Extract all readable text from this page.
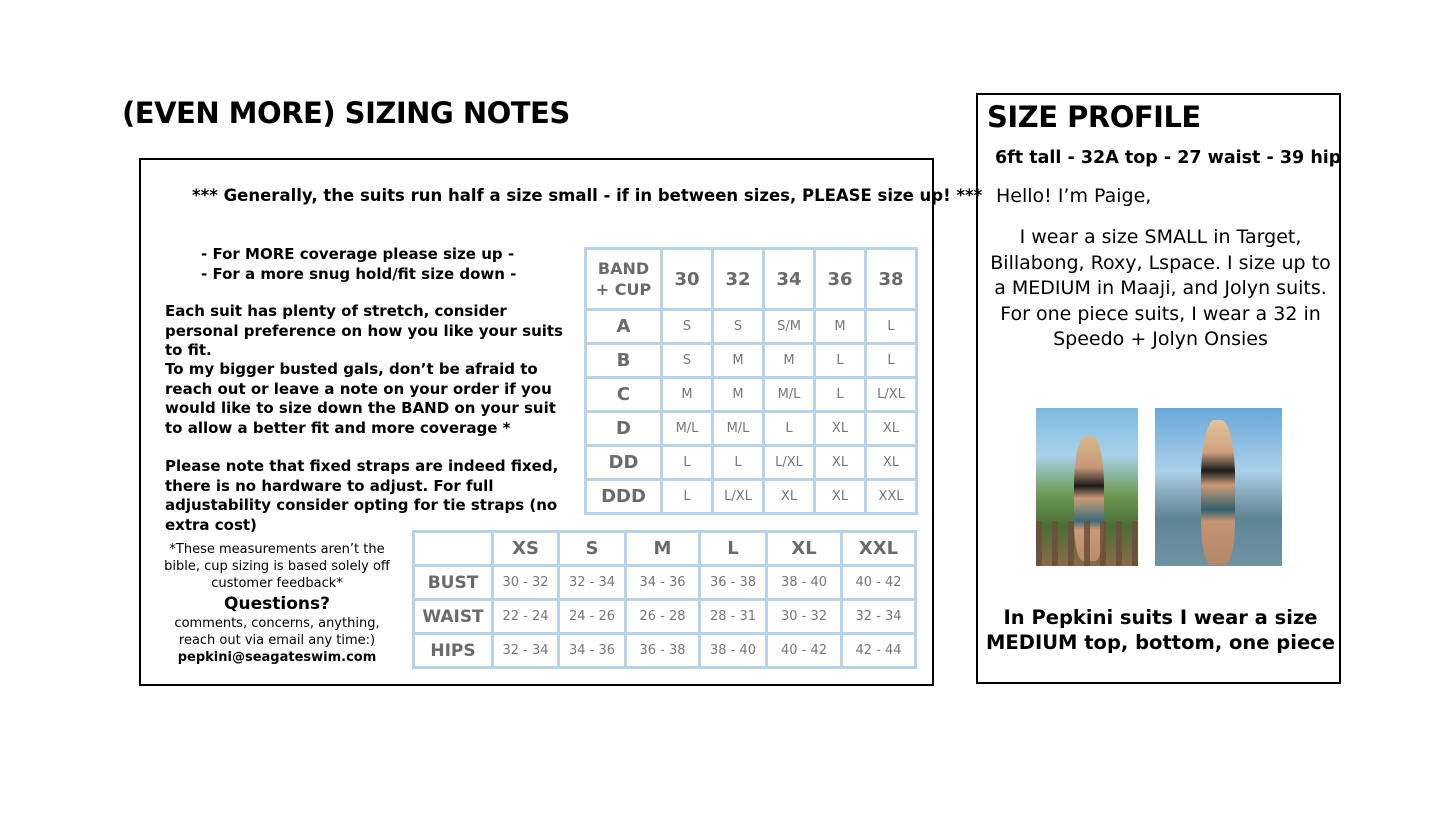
(EVEN MORE) SIZING NOTES
*** Generally, the suits run half a size small - if in between sizes, PLEASE size up! ***
- For MORE coverage please size up -
- For a more snug hold/fit size down -
Each suit has plenty of stretch, consider personal preference on how you like your suits to fit.
To my bigger busted gals, don’t be afraid to reach out or leave a note on your order if you would like to size down the BAND on your suit to allow a better fit and more coverage *
Please note that fixed straps are indeed fixed, there is no hardware to adjust. For full adjustability consider opting for tie straps (no extra cost)
BAND
+ CUP	30	32	34	36	38
A	S	S	S/M	M	L
B	S	M	M	L	L
C	M	M	M/L	L	L/XL
D	M/L	M/L	L	XL	XL
DD	L	L	L/XL	XL	XL
DDD	L	L/XL	XL	XL	XXL
*These measurements aren’t the bible, cup sizing is based solely off customer feedback*
Questions?
comments, concerns, anything, reach out via email any time:)
pepkini@seagateswim.com
	XS	S	M	L	XL	XXL
BUST	30 - 32	32 - 34	34 - 36	36 - 38	38 - 40	40 - 42
WAIST	22 - 24	24 - 26	26 - 28	28 - 31	30 - 32	32 - 34
HIPS	32 - 34	34 - 36	36 - 38	38 - 40	40 - 42	42 - 44
SIZE PROFILE
6ft tall - 32A top - 27 waist - 39 hip
Hello! I’m Paige,
I wear a size SMALL in Target, Billabong, Roxy, Lspace. I size up to a MEDIUM in Maaji, and Jolyn suits.
For one piece suits, I wear a 32 in Speedo + Jolyn Onsies
In Pepkini suits I wear a size MEDIUM top, bottom, one piece
